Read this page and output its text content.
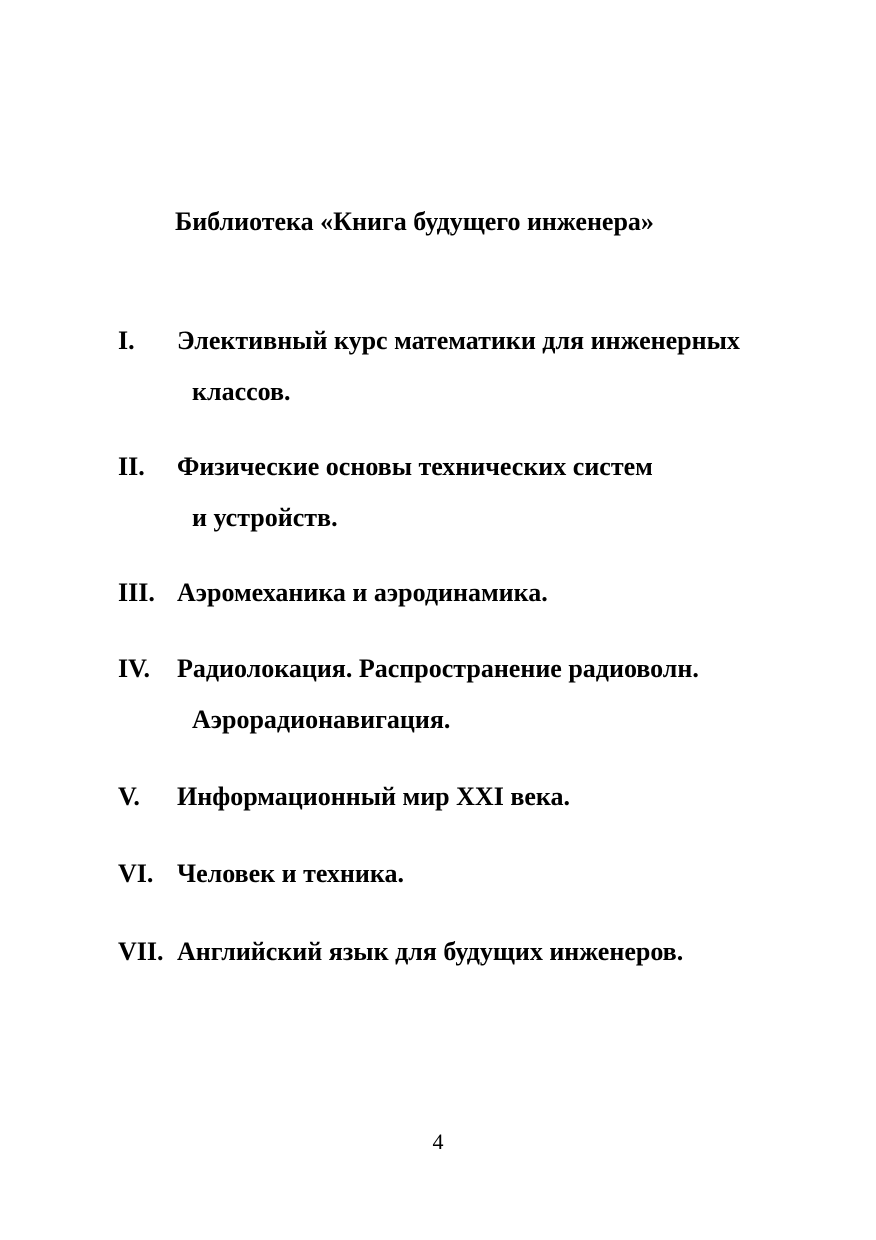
Библиотека «Книга будущего инженера»
I. Элективный курс математики для инженерных
классов.
II. Физические основы технических систем
и устройств.
III. Аэромеханика и аэродинамика.
IV. Радиолокация. Распространение радиоволн.
Аэрорадионавигация.
V. Информационный мир XXI века.
VI. Человек и техника.
VII. Английский язык для будущих инженеров.
4
